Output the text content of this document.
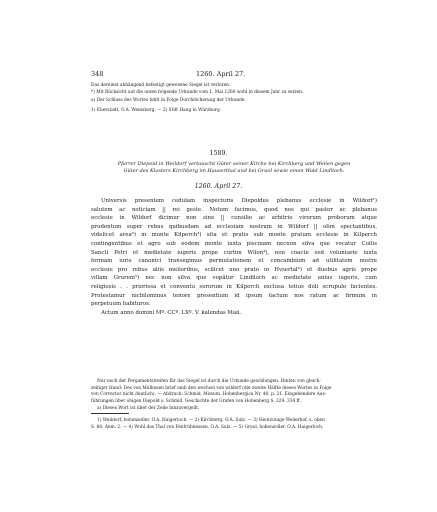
348	1260. April 27.
Das dereinst abhängend befestigt gewesene Siegel ist verloren.
*) Mit Rücksicht auf die unten folgende Urkunde vom 1. Mai 1260 wohl in diesem Jahr zu setzen.
a) Der Schluss des Wortes fehlt in Folge Durchlöcherung der Urkunde.
1) Eberstadt, O.A. Weinsberg. — 2) Stift Haug in Würzburg.
1589.
Pfarrer Diepold in Weildorf vertauscht Güter seiner Kirche bei Kirchberg und Weilen gegen
Güter des Klosters Kirchberg im Hauserthal und bei Gruol sowie einen Wald Lindlloch.
1260. April 27.
Universis presentem cedulam inspecturis Diepoldus plebanus ecclesie in Wildorf¹)
salutem ac noticiam || rei geste. Notum facimus, quod nos qui pastor ac plebanus
ecclesie in Wildorf dicimur non sine || consilio ac arbitrio virorum proborum atque
prudentum super rebus quibusdam ad ecclesiam nostram in Wildorf || olim spectantibus,
videlicet area²) in monte Kilperch³) sita et pratis sub monte pratum ecclesie in Kilperch
contingentibus et agro sub eodem monte iuxta piscinam necnon silva que vocatur Collis
Sancti Petri et medietate iugeris prope curtim Wilon⁴), non coacte sed voluntarie iuxta
formam iuris canonici transegimus permutationem et concambium ad utilitatem nostre
ecclesie pro rebus aliis melioribus, scilicet uno prato in Hvsertal⁴) et duobus agris prope
villam Grurem⁵) nec non silva que vopătur Lindiloch ac medietate unius iugeris, cum
religiosis . . priorissa et conventu sororum in Kilperch exclusa totius doli scrupulo facientes.
Protestamur nichilominus tenore presentium id ipsum factum nos ratum ac firmum in
perpetuum habituros.
Actum anno domini Mº. CCº. LXº. V. kalendas Maii.
Nur noch der Pergamentstreifen für das Siegel ist durch die Urkunde geschlungen. Hinten von gleich-
zeitiger Hand: Des von Mulhusen brief umb den wechsel von wildorf (die zweite Hälfte dieses Wortes in Folge
von Corrector nicht deutlich). — Abdruck: Schmid, Monum. Hohenbergica Nr. 40, p. 21. Eingehendere Aus-
führungen über obigen Diepold s. Schmid, Geschichte der Grafen von Hohenberg S. 329, 334 ff.
a) Dieses Wort ist über der Zeile hinzuvergeilt.
1) Weildorf, hohenzoller. O.A. Haigerloch. — 2) Kirchberg, O.A. Sulz. — 3) Heutzutage Weilerhof, s. oben
S. 88, Anm. 2. — 4) Wohl das Thal von Fenfrühnessen, O.A. Sulz. — 5) Gruol, hohenzoller. O.A. Haigerloch.
